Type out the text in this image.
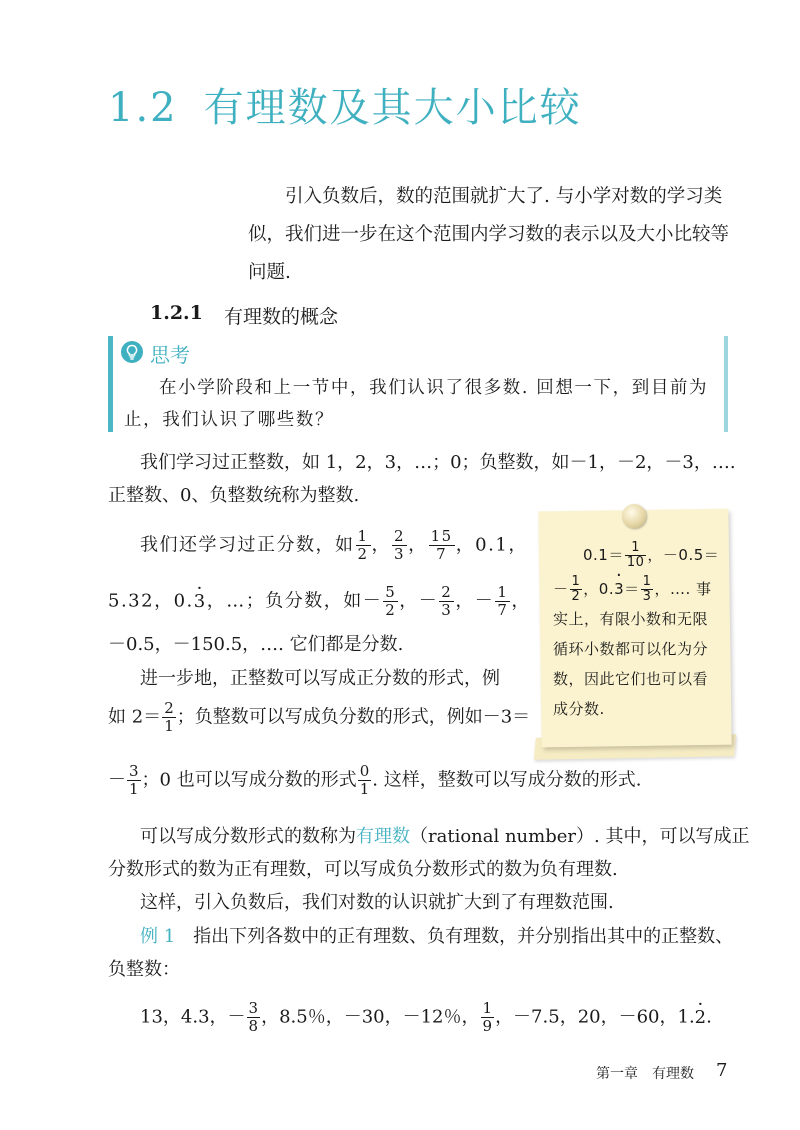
1.2 有理数及其大小比较

引入负数后，数的范围就扩大了. 与小学对数的学习类似，我们进一步在这个范围内学习数的表示以及大小比较等问题.

1.2.1 有理数的概念
思考

在小学阶段和上一节中，我们认识了很多数. 回想一下，到目前为止，我们认识了哪些数？

我们学习过正整数，如 1，2，3，…；0；负整数，如－1，－2，－3，….
正整数、0、负整数统称为整数.
我们还学习过正分数，如 $\frac{1}{2}$ ， $\frac{2}{3}$ ， $\frac{15}{7}$ ，0.1，
5.32，0.3 ·，…；负分数，如－ $\frac{5}{2}$ ，－ $\frac{2}{3}$ ，－ $\frac{1}{7}$ ，
－0.5，－150.5，…. 它们都是分数.
进一步地，正整数可以写成正分数的形式，例
如 $2= \frac{2}{1}$ ；负整数可以写成负分数的形式，例如－3＝
－ $\frac{3}{1}$ ；0 也可以写成分数的形式 $\frac{0}{1}$ . 这样，整数可以写成分数的形式.
$0.1= \frac{1}{10}$ ，－0.5＝
－ $\frac{1}{2}$ ，$0.3 \cdot= \frac{1}{3}$ ，…. 事
实上，有限小数和无限
循环小数都可以化为分
数，因此它们也可以看
成分数.
可以写成分数形式的数称为有理数（rational number）. 其中，可以写成正
分数形式的数为正有理数，可以写成负分数形式的数为负有理数.
这样，引入负数后，我们对数的认识就扩大到了有理数范围.
例 1　 指出下列各数中的正有理数、负有理数，并分别指出其中的正整数、
负整数：
13，4.3，－ $\frac{3}{8}$ ，8.5％，－30，－12％， $\frac{1}{9}$ ，－7.5，20，－60，1.2 ·.
第一章　有理数 7
